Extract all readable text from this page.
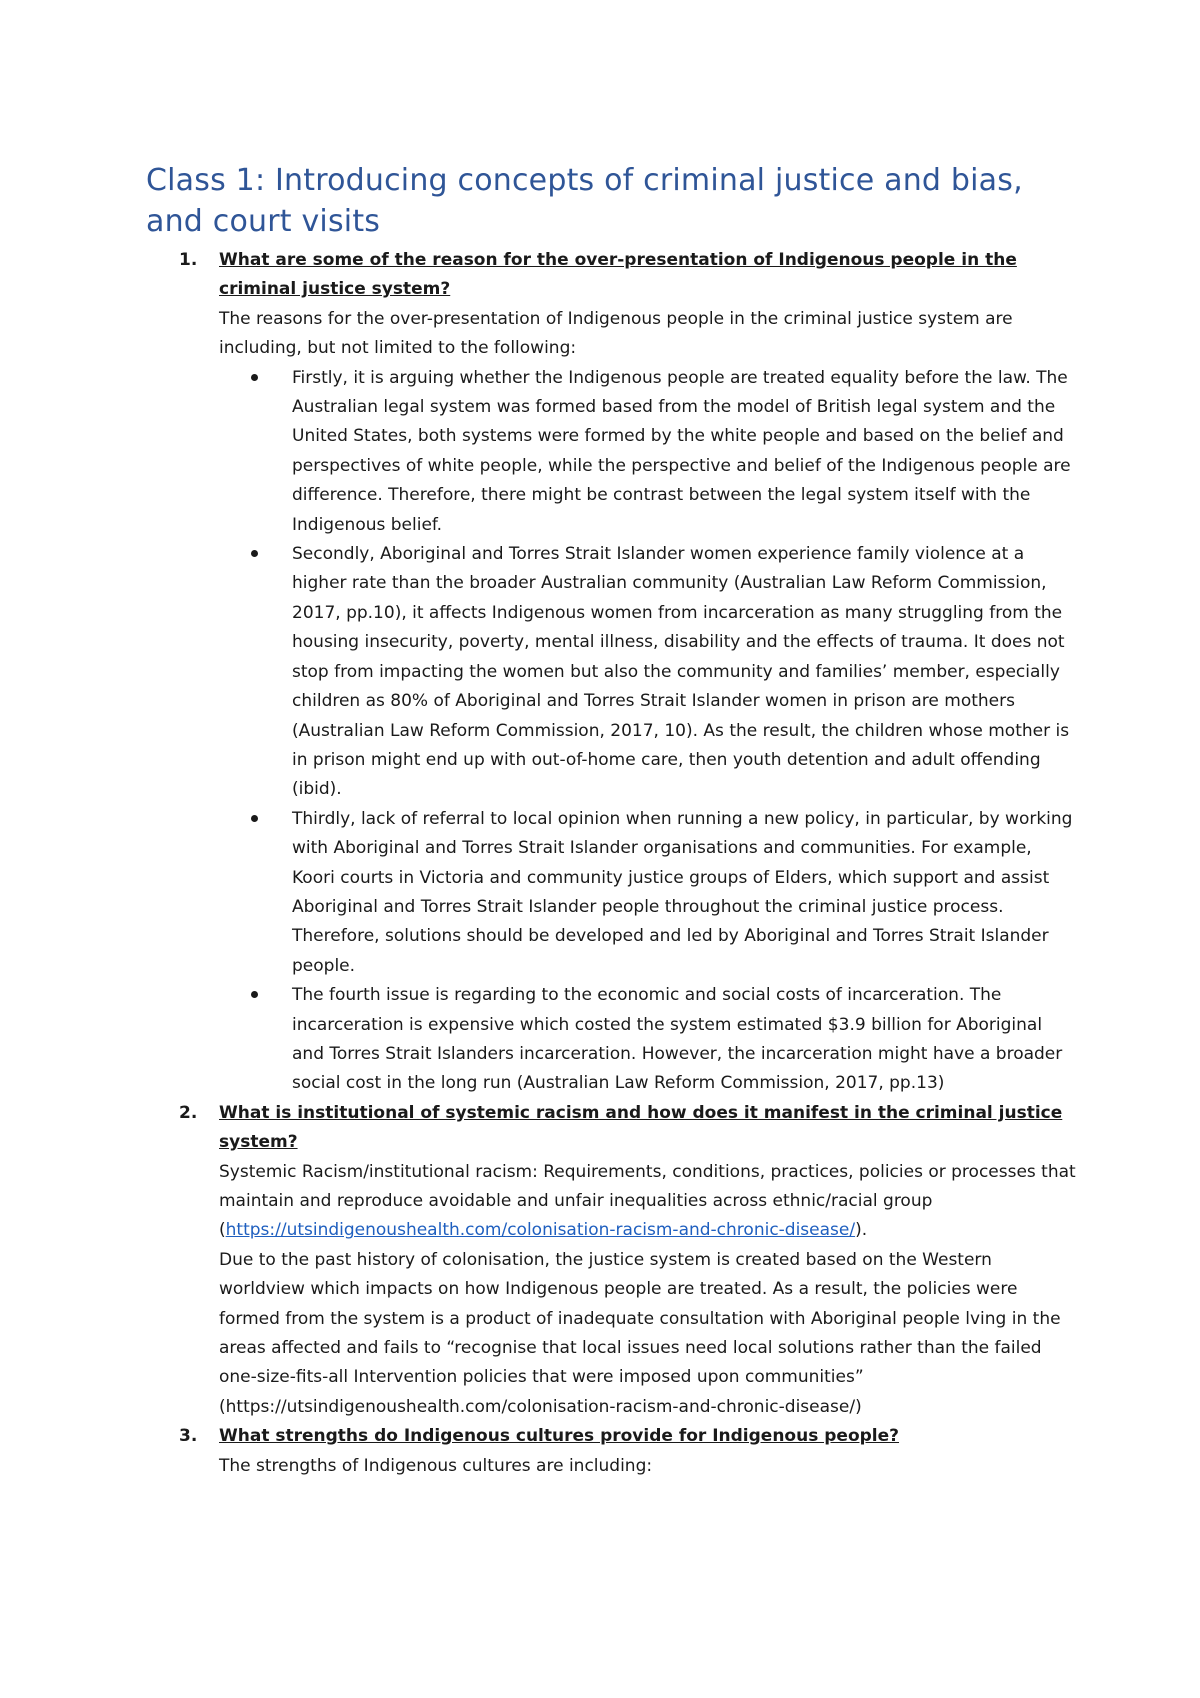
Class 1: Introducing concepts of criminal justice and bias, and court visits
1. What are some of the reason for the over-presentation of Indigenous people in the criminal justice system?

The reasons for the over-presentation of Indigenous people in the criminal justice system are including, but not limited to the following:

Firstly, it is arguing whether the Indigenous people are treated equality before the law. The Australian legal system was formed based from the model of British legal system and the United States, both systems were formed by the white people and based on the belief and perspectives of white people, while the perspective and belief of the Indigenous people are difference. Therefore, there might be contrast between the legal system itself with the Indigenous belief.
Secondly, Aboriginal and Torres Strait Islander women experience family violence at a higher rate than the broader Australian community (Australian Law Reform Commission, 2017, pp.10), it affects Indigenous women from incarceration as many struggling from the housing insecurity, poverty, mental illness, disability and the effects of trauma. It does not stop from impacting the women but also the community and families’ member, especially children as 80% of Aboriginal and Torres Strait Islander women in prison are mothers (Australian Law Reform Commission, 2017, 10). As the result, the children whose mother is in prison might end up with out-of-home care, then youth detention and adult offending (ibid).
Thirdly, lack of referral to local opinion when running a new policy, in particular, by working with Aboriginal and Torres Strait Islander organisations and communities. For example, Koori courts in Victoria and community justice groups of Elders, which support and assist Aboriginal and Torres Strait Islander people throughout the criminal justice process. Therefore, solutions should be developed and led by Aboriginal and Torres Strait Islander people.
The fourth issue is regarding to the economic and social costs of incarceration. The incarceration is expensive which costed the system estimated $3.9 billion for Aboriginal and Torres Strait Islanders incarceration. However, the incarceration might have a broader social cost in the long run (Australian Law Reform Commission, 2017, pp.13)
2. What is institutional of systemic racism and how does it manifest in the criminal justice system?

Systemic Racism/institutional racism: Requirements, conditions, practices, policies or processes that maintain and reproduce avoidable and unfair inequalities across ethnic/racial group (https://utsindigenoushealth.com/colonisation-racism-and-chronic-disease/).

Due to the past history of colonisation, the justice system is created based on the Western worldview which impacts on how Indigenous people are treated. As a result, the policies were formed from the system is a product of inadequate consultation with Aboriginal people lving in the areas affected and fails to “recognise that local issues need local solutions rather than the failed one-size-fits-all Intervention policies that were imposed upon communities” (https://utsindigenoushealth.com/colonisation-racism-and-chronic-disease/)

3. What strengths do Indigenous cultures provide for Indigenous people?

The strengths of Indigenous cultures are including:
